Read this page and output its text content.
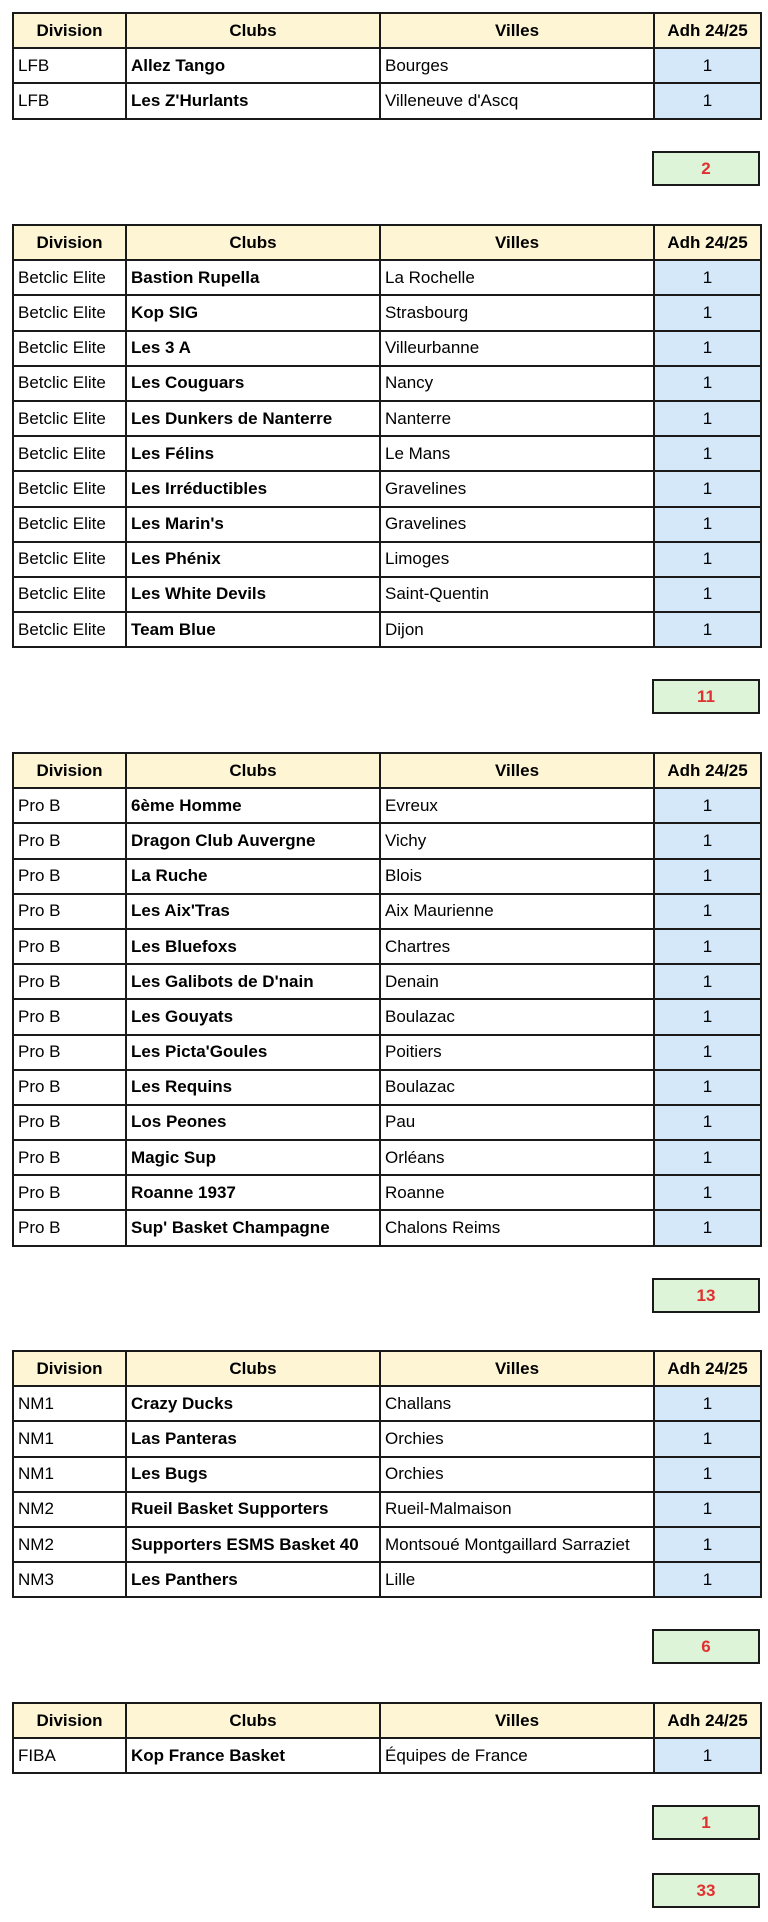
Division	Clubs	Villes	Adh 24/25
LFB	Allez Tango	Bourges	1
LFB	Les Z'Hurlants	Villeneuve d'Ascq	1
2
Division	Clubs	Villes	Adh 24/25
Betclic Elite	Bastion Rupella	La Rochelle	1
Betclic Elite	Kop SIG	Strasbourg	1
Betclic Elite	Les 3 A	Villeurbanne	1
Betclic Elite	Les Couguars	Nancy	1
Betclic Elite	Les Dunkers de Nanterre	Nanterre	1
Betclic Elite	Les Félins	Le Mans	1
Betclic Elite	Les Irréductibles	Gravelines	1
Betclic Elite	Les Marin's	Gravelines	1
Betclic Elite	Les Phénix	Limoges	1
Betclic Elite	Les White Devils	Saint-Quentin	1
Betclic Elite	Team Blue	Dijon	1
11
Division	Clubs	Villes	Adh 24/25
Pro B	6ème Homme	Evreux	1
Pro B	Dragon Club Auvergne	Vichy	1
Pro B	La Ruche	Blois	1
Pro B	Les Aix'Tras	Aix Maurienne	1
Pro B	Les Bluefoxs	Chartres	1
Pro B	Les Galibots de D'nain	Denain	1
Pro B	Les Gouyats	Boulazac	1
Pro B	Les Picta'Goules	Poitiers	1
Pro B	Les Requins	Boulazac	1
Pro B	Los Peones	Pau	1
Pro B	Magic Sup	Orléans	1
Pro B	Roanne 1937	Roanne	1
Pro B	Sup' Basket Champagne	Chalons Reims	1
13
Division	Clubs	Villes	Adh 24/25
NM1	Crazy Ducks	Challans	1
NM1	Las Panteras	Orchies	1
NM1	Les Bugs	Orchies	1
NM2	Rueil Basket Supporters	Rueil-Malmaison	1
NM2	Supporters ESMS Basket 40	Montsoué Montgaillard Sarraziet	1
NM3	Les Panthers	Lille	1
6
Division	Clubs	Villes	Adh 24/25
FIBA	Kop France Basket	Équipes de France	1
1
33
